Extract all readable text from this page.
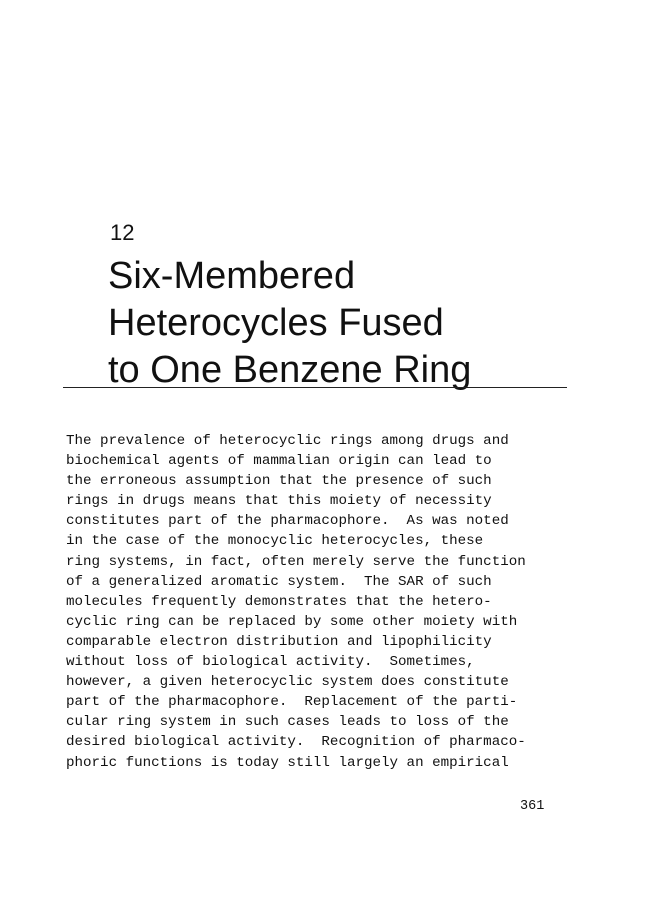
12
Six-Membered
Heterocycles Fused
to One Benzene Ring

The prevalence of heterocyclic rings among drugs and
biochemical agents of mammalian origin can lead to
the erroneous assumption that the presence of such
rings in drugs means that this moiety of necessity
constitutes part of the pharmacophore.  As was noted
in the case of the monocyclic heterocycles, these
ring systems, in fact, often merely serve the function
of a generalized aromatic system.  The SAR of such
molecules frequently demonstrates that the hetero-
cyclic ring can be replaced by some other moiety with
comparable electron distribution and lipophilicity
without loss of biological activity.  Sometimes,
however, a given heterocyclic system does constitute
part of the pharmacophore.  Replacement of the parti-
cular ring system in such cases leads to loss of the
desired biological activity.  Recognition of pharmaco-
phoric functions is today still largely an empirical

361
